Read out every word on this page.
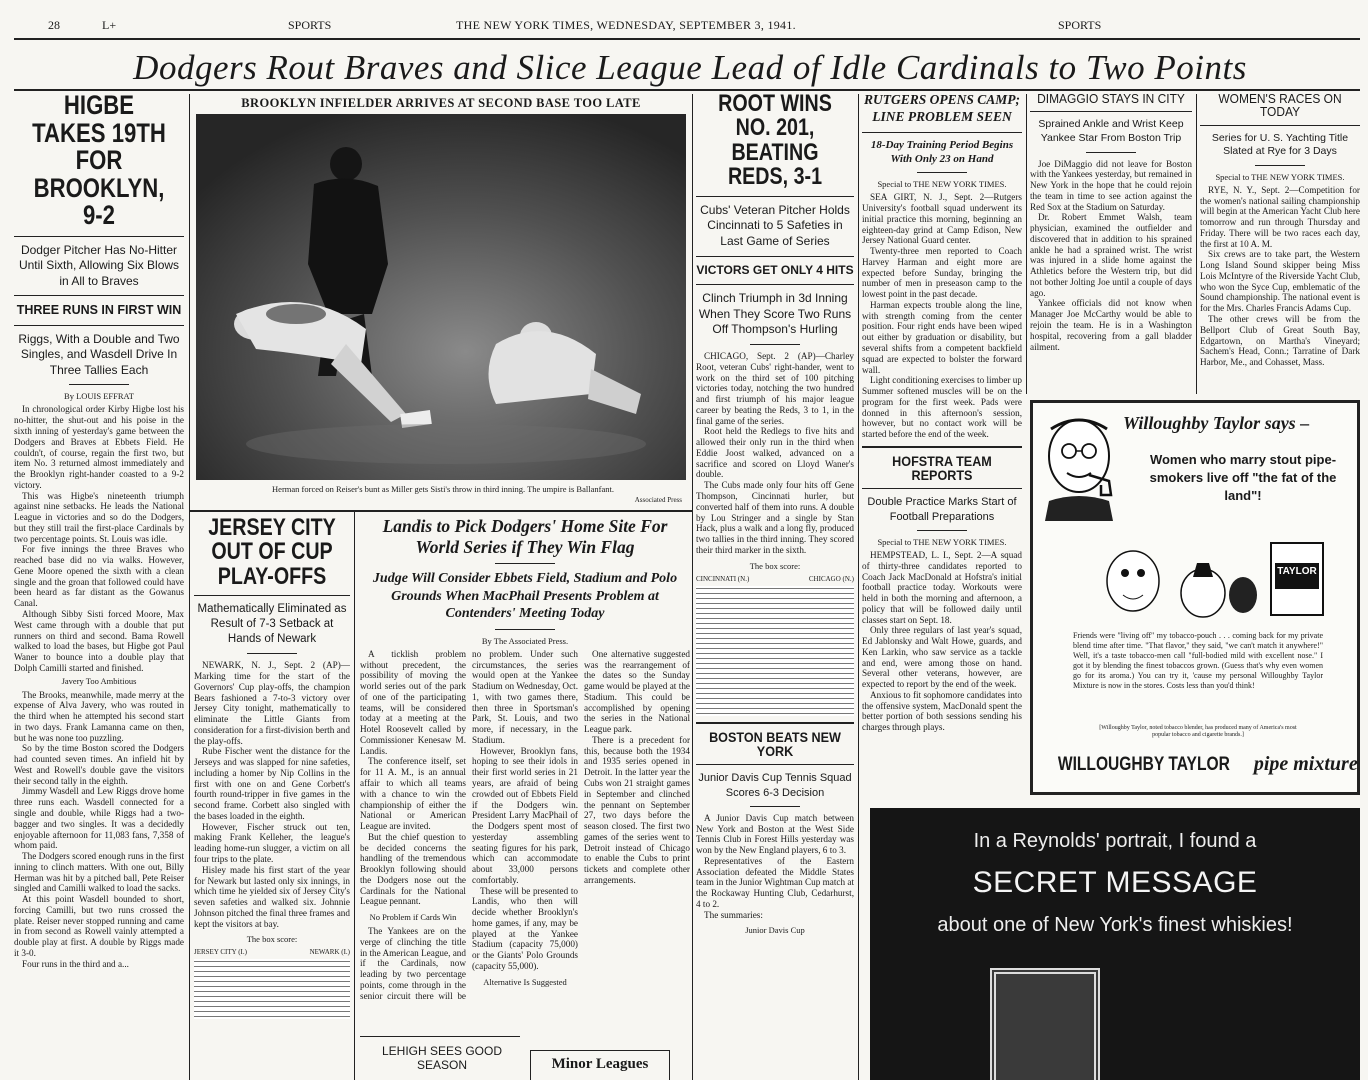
28	L+	SPORTS	THE NEW YORK TIMES, WEDNESDAY, SEPTEMBER 3, 1941.	SPORTS
Dodgers Rout Braves and Slice League Lead of Idle Cardinals to Two Points
HIGBE TAKES 19TH FOR BROOKLYN, 9-2
Dodger Pitcher Has No-Hitter Until Sixth, Allowing Six Blows in All to Braves
THREE RUNS IN FIRST WIN
Riggs, With a Double and Two Singles, and Wasdell Drive In Three Tallies Each
By LOUIS EFFRAT

In chronological order Kirby Higbe lost his no-hitter, the shut-out and his poise in the sixth inning of yesterday's game between the Dodgers and Braves at Ebbets Field. He couldn't, of course, regain the first two, but item No. 3 returned almost immediately and the Brooklyn right-hander coasted to a 9-2 victory.

This was Higbe's nineteenth triumph against nine setbacks. He leads the National League in victories and so do the Dodgers, but they still trail the first-place Cardinals by two percentage points. St. Louis was idle.

For five innings the three Braves who reached base did no via walks. However, Gene Moore opened the sixth with a clean single and the groan that followed could have been heard as far distant as the Gowanus Canal.

Although Sibby Sisti forced Moore, Max West came through with a double that put runners on third and second. Bama Rowell walked to load the bases, but Higbe got Paul Waner to bounce into a double play that Dolph Camilli started and finished.

Javery Too Ambitious

The Brooks, meanwhile, made merry at the expense of Alva Javery, who was routed in the third when he attempted his second start in two days. Frank Lamanna came on then, but he was none too puzzling.

So by the time Boston scored the Dodgers had counted seven times. An infield hit by West and Rowell's double gave the visitors their second tally in the eighth.

Jimmy Wasdell and Lew Riggs drove home three runs each. Wasdell connected for a single and double, while Riggs had a two-bagger and two singles. It was a decidedly enjoyable afternoon for 11,083 fans, 7,358 of whom paid.

The Dodgers scored enough runs in the first inning to clinch matters. With one out, Billy Herman was hit by a pitched ball, Pete Reiser singled and Camilli walked to load the sacks.

At this point Wasdell bounded to short, forcing Camilli, but two runs crossed the plate. Reiser never stopped running and came in from second as Rowell vainly attempted a double play at first. A double by Riggs made it 3-0.

Four runs in the third and a...

BROOKLYN INFIELDER ARRIVES AT SECOND BASE TOO LATE
Herman forced on Reiser's bunt as Miller gets Sisti's throw in third inning. The umpire is Ballanfant.
Associated Press
JERSEY CITY OUT OF CUP PLAY-OFFS
Mathematically Eliminated as Result of 7-3 Setback at Hands of Newark

NEWARK, N. J., Sept. 2 (AP)—Marking time for the start of the Governors' Cup play-offs, the champion Bears fashioned a 7-to-3 victory over Jersey City tonight, mathematically to eliminate the Little Giants from consideration for a first-division berth and the play-offs.

Rube Fischer went the distance for the Jerseys and was slapped for nine safeties, including a homer by Nip Collins in the first with one on and Gene Corbett's fourth round-tripper in five games in the second frame. Corbett also singled with the bases loaded in the eighth.

However, Fischer struck out ten, making Frank Kelleher, the league's leading home-run slugger, a victim on all four trips to the plate.

Hisley made his first start of the year for Newark but lasted only six innings, in which time he yielded six of Jersey City's seven safeties and walked six. Johnnie Johnson pitched the final three frames and kept the visitors at bay.

The box score:
JERSEY CITY (I.)	NEWARK (I.)
Landis to Pick Dodgers' Home Site For World Series if They Win Flag
Judge Will Consider Ebbets Field, Stadium and Polo Grounds When MacPhail Presents Problem at Contenders' Meeting Today
By The Associated Press.

A ticklish problem without precedent, the possibility of moving the world series out of the park of one of the participating teams, will be considered today at a meeting at the Hotel Roosevelt called by Commissioner Kenesaw M. Landis.

The conference itself, set for 11 A. M., is an annual affair to which all teams with a chance to win the championship of either the National or American League are invited.

But the chief question to be decided concerns the handling of the tremendous Brooklyn following should the Dodgers nose out the Cardinals for the National League pennant.

No Problem if Cards Win

The Yankees are on the verge of clinching the title in the American League, and if the Cardinals, now leading by two percentage points, come through in the senior circuit there will be no problem. Under such circumstances, the series would open at the Yankee Stadium on Wednesday, Oct. 1, with two games there, then three in Sportsman's Park, St. Louis, and two more, if necessary, in the Stadium.

However, Brooklyn fans, hoping to see their idols in their first world series in 21 years, are afraid of being crowded out of Ebbets Field if the Dodgers win. President Larry MacPhail of the Dodgers spent most of yesterday assembling seating figures for his park, which can accommodate about 33,000 persons comfortably.

These will be presented to Landis, who then will decide whether Brooklyn's home games, if any, may be played at the Yankee Stadium (capacity 75,000) or the Giants' Polo Grounds (capacity 55,000).

Alternative Is Suggested

One alternative suggested was the rearrangement of the dates so the Sunday game would be played at the Stadium. This could be accomplished by opening the series in the National League park.

There is a precedent for this, because both the 1934 and 1935 series opened in Detroit. In the latter year the Cubs won 21 straight games in September and clinched the pennant on September 27, two days before the season closed. The first two games of the series went to Detroit instead of Chicago to enable the Cubs to print tickets and complete other arrangements.

LEHIGH SEES GOOD SEASON	Minor Leagues
ROOT WINS NO. 201, BEATING REDS, 3-1
Cubs' Veteran Pitcher Holds Cincinnati to 5 Safeties in Last Game of Series
VICTORS GET ONLY 4 HITS
Clinch Triumph in 3d Inning When They Score Two Runs Off Thompson's Hurling

CHICAGO, Sept. 2 (AP)—Charley Root, veteran Cubs' right-hander, went to work on the third set of 100 pitching victories today, notching the two hundred and first triumph of his major league career by beating the Reds, 3 to 1, in the final game of the series.

Root held the Redlegs to five hits and allowed their only run in the third when Eddie Joost walked, advanced on a sacrifice and scored on Lloyd Waner's double.

The Cubs made only four hits off Gene Thompson, Cincinnati hurler, but converted half of them into runs. A double by Lou Stringer and a single by Stan Hack, plus a walk and a long fly, produced two tallies in the third inning. They scored their third marker in the sixth.

The box score:
CINCINNATI (N.)	CHICAGO (N.)
BOSTON BEATS NEW YORK
Junior Davis Cup Tennis Squad Scores 6-3 Decision

A Junior Davis Cup match between New York and Boston at the West Side Tennis Club in Forest Hills yesterday was won by the New England players, 6 to 3.

Representatives of the Eastern Association defeated the Middle States team in the Junior Wightman Cup match at the Rockaway Hunting Club, Cedarhurst, 4 to 2.

The summaries:

Junior Davis Cup
RUTGERS OPENS CAMP; LINE PROBLEM SEEN
18-Day Training Period Begins With Only 23 on Hand
Special to THE NEW YORK TIMES.

SEA GIRT, N. J., Sept. 2—Rutgers University's football squad underwent its initial practice this morning, beginning an eighteen-day grind at Camp Edison, New Jersey National Guard center.

Twenty-three men reported to Coach Harvey Harman and eight more are expected before Sunday, bringing the number of men in preseason camp to the lowest point in the past decade.

Harman expects trouble along the line, with strength coming from the center position. Four right ends have been wiped out either by graduation or disability, but several shifts from a competent backfield squad are expected to bolster the forward wall.

Light conditioning exercises to limber up Summer softened muscles will be on the program for the first week. Pads were donned in this afternoon's session, however, but no contact work will be started before the end of the week.

HOFSTRA TEAM REPORTS
Double Practice Marks Start of Football Preparations
Special to THE NEW YORK TIMES.

HEMPSTEAD, L. I., Sept. 2—A squad of thirty-three candidates reported to Coach Jack MacDonald at Hofstra's initial football practice today. Workouts were held in both the morning and afternoon, a policy that will be followed daily until classes start on Sept. 18.

Only three regulars of last year's squad, Ed Jablonsky and Walt Howe, guards, and Ken Larkin, who saw service as a tackle and end, were among those on hand. Several other veterans, however, are expected to report by the end of the week.

Anxious to fit sophomore candidates into the offensive system, MacDonald spent the better portion of both sessions sending his charges through plays.

DIMAGGIO STAYS IN CITY
Sprained Ankle and Wrist Keep Yankee Star From Boston Trip

Joe DiMaggio did not leave for Boston with the Yankees yesterday, but remained in New York in the hope that he could rejoin the team in time to see action against the Red Sox at the Stadium on Saturday.

Dr. Robert Emmet Walsh, team physician, examined the outfielder and discovered that in addition to his sprained ankle he had a sprained wrist. The wrist was injured in a slide home against the Athletics before the Western trip, but did not bother Jolting Joe until a couple of days ago.

Yankee officials did not know when Manager Joe McCarthy would be able to rejoin the team. He is in a Washington hospital, recovering from a gall bladder ailment.

WOMEN'S RACES ON TODAY
Series for U. S. Yachting Title Slated at Rye for 3 Days
Special to THE NEW YORK TIMES.

RYE, N. Y., Sept. 2—Competition for the women's national sailing championship will begin at the American Yacht Club here tomorrow and run through Thursday and Friday. There will be two races each day, the first at 10 A. M.

Six crews are to take part, the Western Long Island Sound skipper being Miss Lois McIntyre of the Riverside Yacht Club, who won the Syce Cup, emblematic of the Sound championship. The national event is for the Mrs. Charles Francis Adams Cup.

The other crews will be from the Bellport Club of Great South Bay, Edgartown, on Martha's Vineyard; Sachem's Head, Conn.; Tarratine of Dark Harbor, Me., and Cohasset, Mass.

Willoughby Taylor says –
Women who marry stout pipe-smokers live off "the fat of the land"!
TAYLOR
Friends were "living off" my tobacco-pouch . . . coming back for my private blend time after time. "That flavor," they said, "we can't match it anywhere!" Well, it's a taste tobacco-men call "full-bodied mild with excellent nose." I got it by blending the finest tobaccos grown. (Guess that's why even women go for its aroma.) You can try it, 'cause my personal Willoughby Taylor Mixture is now in the stores. Costs less than you'd think!
[Willoughby Taylor, noted tobacco blender, has produced many of America's most popular tobacco and cigarette brands.]
WILLOUGHBY TAYLOR pipe mixture
In a Reynolds' portrait, I found a
SECRET MESSAGE
about one of New York's finest whiskies!
